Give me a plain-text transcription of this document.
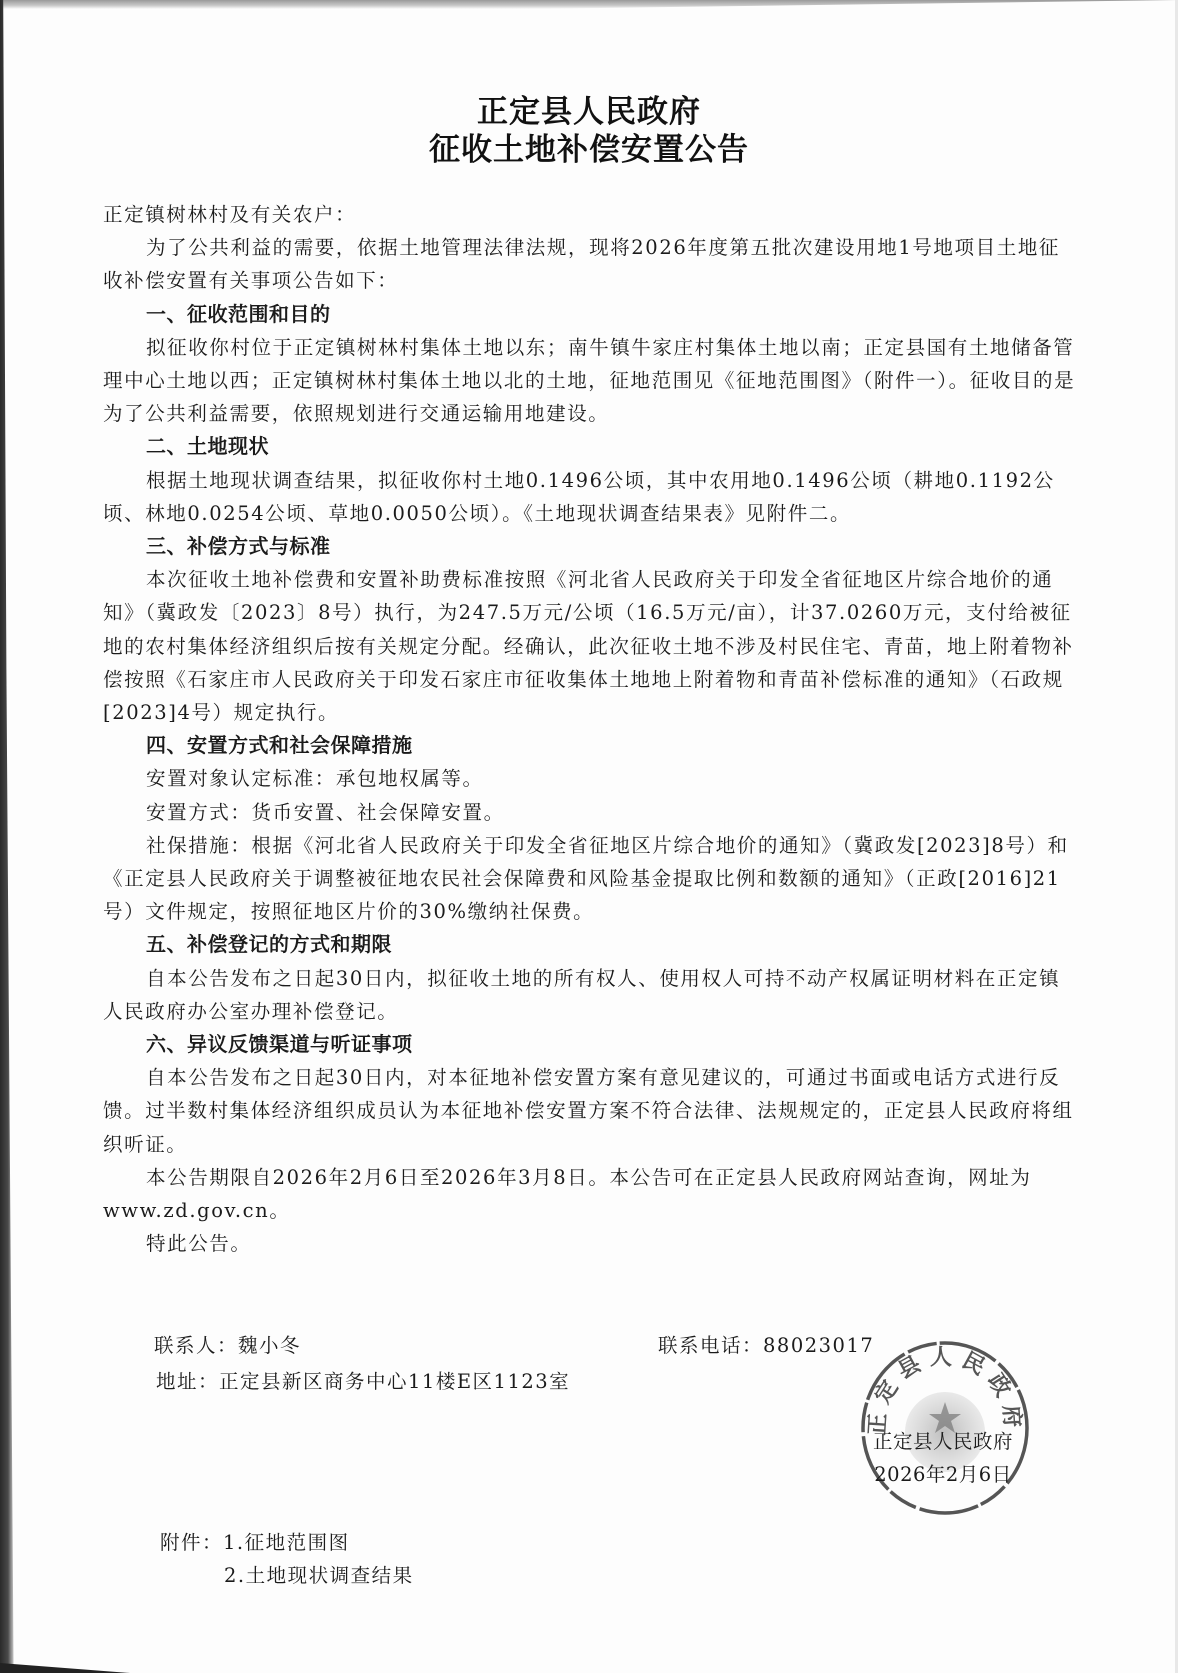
正定县人民政府
征收土地补偿安置公告

正定镇树林村及有关农户：

为了公共利益的需要，依据土地管理法律法规，现将2026年度第五批次建设用地1号地项目土地征收补偿安置有关事项公告如下：

一、征收范围和目的

拟征收你村位于正定镇树林村集体土地以东；南牛镇牛家庄村集体土地以南；正定县国有土地储备管理中心土地以西；正定镇树林村集体土地以北的土地，征地范围见《征地范围图》（附件一）。征收目的是为了公共利益需要，依照规划进行交通运输用地建设。

二、土地现状

根据土地现状调查结果，拟征收你村土地0.1496公顷，其中农用地0.1496公顷（耕地0.1192公顷、林地0.0254公顷、草地0.0050公顷）。《土地现状调查结果表》见附件二。

三、补偿方式与标准

本次征收土地补偿费和安置补助费标准按照《河北省人民政府关于印发全省征地区片综合地价的通知》（冀政发〔2023〕8号）执行，为247.5万元/公顷（16.5万元/亩），计37.0260万元，支付给被征地的农村集体经济组织后按有关规定分配。经确认，此次征收土地不涉及村民住宅、青苗，地上附着物补偿按照《石家庄市人民政府关于印发石家庄市征收集体土地地上附着物和青苗补偿标准的通知》（石政规[2023]4号）规定执行。

四、安置方式和社会保障措施

安置对象认定标准：承包地权属等。

安置方式：货币安置、社会保障安置。

社保措施：根据《河北省人民政府关于印发全省征地区片综合地价的通知》（冀政发[2023]8号）和《正定县人民政府关于调整被征地农民社会保障费和风险基金提取比例和数额的通知》（正政[2016]21号）文件规定，按照征地区片价的30%缴纳社保费。

五、补偿登记的方式和期限

自本公告发布之日起30日内，拟征收土地的所有权人、使用权人可持不动产权属证明材料在正定镇人民政府办公室办理补偿登记。

六、异议反馈渠道与听证事项

自本公告发布之日起30日内，对本征地补偿安置方案有意见建议的，可通过书面或电话方式进行反馈。过半数村集体经济组织成员认为本征地补偿安置方案不符合法律、法规规定的，正定县人民政府将组织听证。

本公告期限自2026年2月6日至2026年3月8日。本公告可在正定县人民政府网站查询，网址为www.zd.gov.cn。

特此公告。

联系人：魏小冬
地址：正定县新区商务中心11楼E区1123室
联系电话：88023017
正定县人民政府
正定县人民政府
2026年2月6日
附件：1.征地范围图
2.土地现状调查结果
